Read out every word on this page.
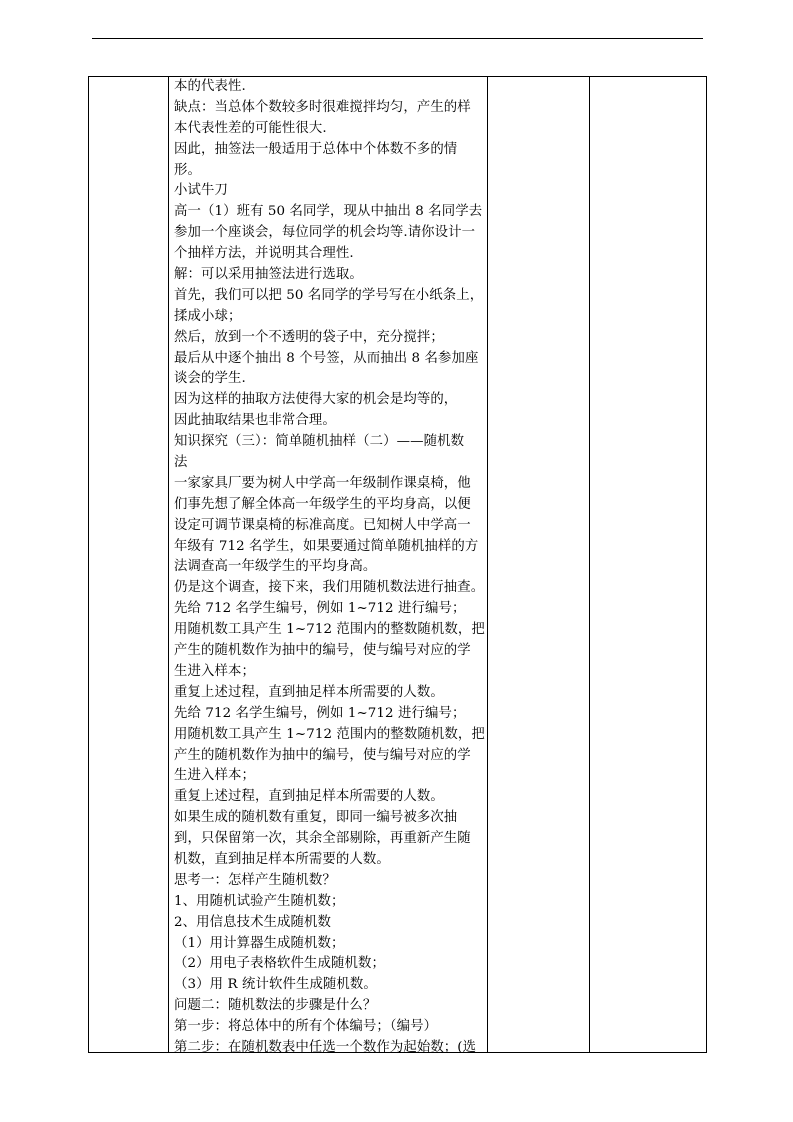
本的代表性.
缺点：当总体个数较多时很难搅拌均匀，产生的样
本代表性差的可能性很大.
因此，抽签法一般适用于总体中个体数不多的情
形。
小试牛刀
高一（1）班有 50 名同学，现从中抽出 8 名同学去
参加一个座谈会，每位同学的机会均等.请你设计一
个抽样方法，并说明其合理性.
解：可以采用抽签法进行选取。
首先，我们可以把 50 名同学的学号写在小纸条上，
揉成小球；
然后，放到一个不透明的袋子中，充分搅拌；
最后从中逐个抽出 8 个号签，从而抽出 8 名参加座
谈会的学生.
因为这样的抽取方法使得大家的机会是均等的，
因此抽取结果也非常合理。
知识探究（三）：简单随机抽样（二）——随机数
法
一家家具厂要为树人中学高一年级制作课桌椅，他
们事先想了解全体高一年级学生的平均身高，以便
设定可调节课桌椅的标准高度。已知树人中学高一
年级有 712 名学生，如果要通过简单随机抽样的方
法调查高一年级学生的平均身高。
仍是这个调查，接下来，我们用随机数法进行抽查。
先给 712 名学生编号，例如 1~712 进行编号；
用随机数工具产生 1~712 范围内的整数随机数，把
产生的随机数作为抽中的编号，使与编号对应的学
生进入样本；
重复上述过程，直到抽足样本所需要的人数。
先给 712 名学生编号，例如 1~712 进行编号；
用随机数工具产生 1~712 范围内的整数随机数，把
产生的随机数作为抽中的编号，使与编号对应的学
生进入样本；
重复上述过程，直到抽足样本所需要的人数。
如果生成的随机数有重复，即同一编号被多次抽
到，只保留第一次，其余全部剔除，再重新产生随
机数，直到抽足样本所需要的人数。
思考一：怎样产生随机数？
1、用随机试验产生随机数；
2、用信息技术生成随机数
（1）用计算器生成随机数；
（2）用电子表格软件生成随机数；
（3）用 R 统计软件生成随机数。
问题二：随机数法的步骤是什么？
第一步：将总体中的所有个体编号；（编号）
第二步：在随机数表中任选一个数作为起始数；(选
